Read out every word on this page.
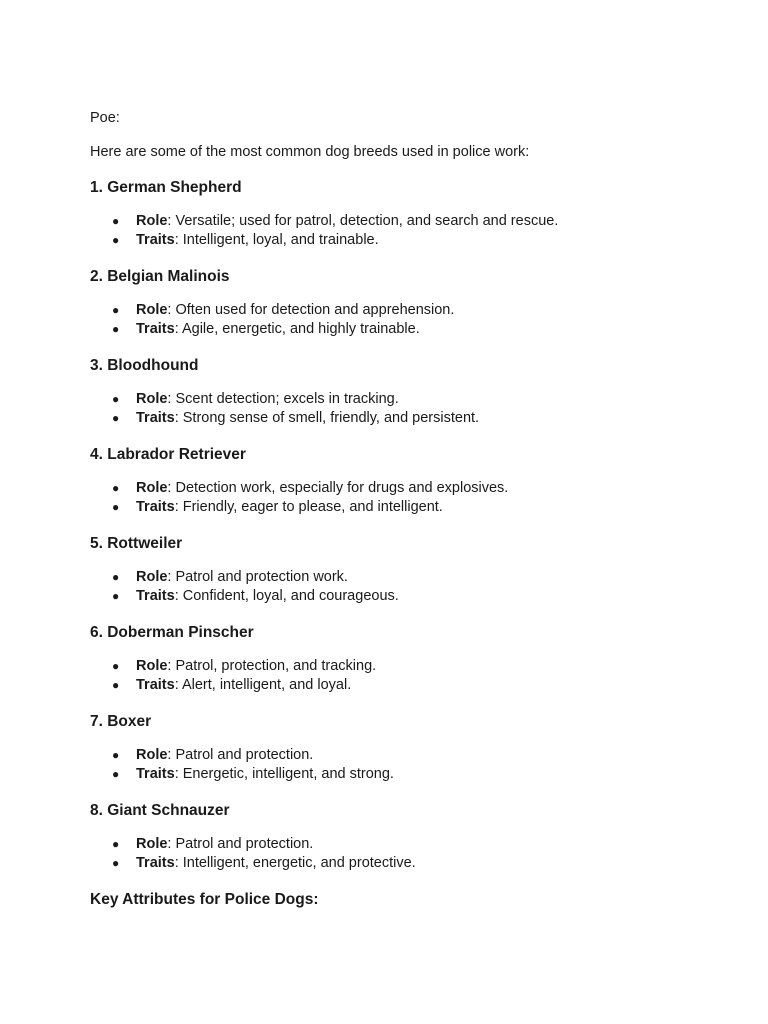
Poe:

Here are some of the most common dog breeds used in police work:

1. German Shepherd
● Role: Versatile; used for patrol, detection, and search and rescue.
● Traits: Intelligent, loyal, and trainable.
2. Belgian Malinois
● Role: Often used for detection and apprehension.
● Traits: Agile, energetic, and highly trainable.
3. Bloodhound
● Role: Scent detection; excels in tracking.
● Traits: Strong sense of smell, friendly, and persistent.
4. Labrador Retriever
● Role: Detection work, especially for drugs and explosives.
● Traits: Friendly, eager to please, and intelligent.
5. Rottweiler
● Role: Patrol and protection work.
● Traits: Confident, loyal, and courageous.
6. Doberman Pinscher
● Role: Patrol, protection, and tracking.
● Traits: Alert, intelligent, and loyal.
7. Boxer
● Role: Patrol and protection.
● Traits: Energetic, intelligent, and strong.
8. Giant Schnauzer
● Role: Patrol and protection.
● Traits: Intelligent, energetic, and protective.

Key Attributes for Police Dogs:
